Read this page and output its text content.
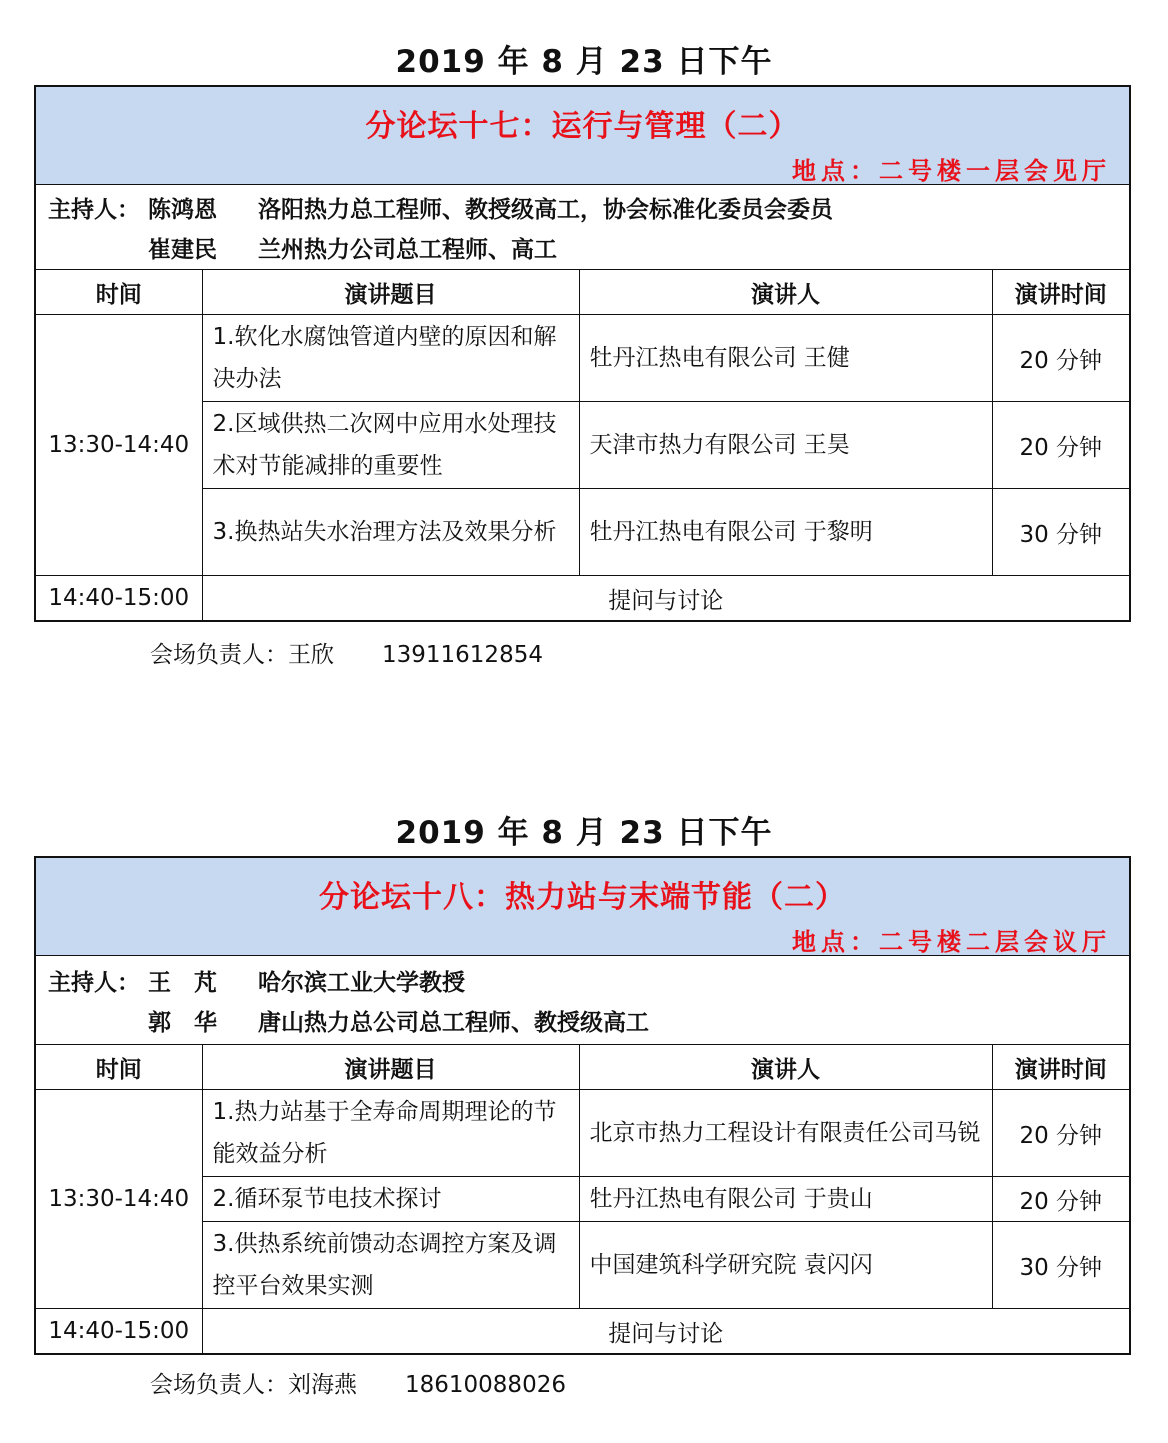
2019 年 8 月 23 日下午
分论坛十七：运行与管理（二）
地点：二号楼一层会见厅			

主持人： 陈鸿恩 洛阳热力总工程师、教授级高工，协会标准化委员会委员
崔建民 兰州热力公司总工程师、高工			

时间	演讲题目	演讲人	演讲时间
13:30-14:40	1.软化水腐蚀管道内壁的原因和解决办法	牡丹江热电有限公司 王健	20 分钟
	2.区域供热二次网中应用水处理技术对节能减排的重要性	天津市热力有限公司 王昊	20 分钟
	3.换热站失水治理方法及效果分析	牡丹江热电有限公司 于黎明	30 分钟
14:40-15:00	提问与讨论		
会场负责人：王欣 13911612854
2019 年 8 月 23 日下午
分论坛十八：热力站与末端节能（二）
地点：二号楼二层会议厅			

主持人： 王　芃 哈尔滨工业大学教授
郭　华 唐山热力总公司总工程师、教授级高工			

时间	演讲题目	演讲人	演讲时间
13:30-14:40	1.热力站基于全寿命周期理论的节能效益分析	北京市热力工程设计有限责任公司马锐	20 分钟
	2.循环泵节电技术探讨	牡丹江热电有限公司 于贵山	20 分钟
	3.供热系统前馈动态调控方案及调控平台效果实测	中国建筑科学研究院 袁闪闪	30 分钟
14:40-15:00	提问与讨论		
会场负责人：刘海燕 18610088026
